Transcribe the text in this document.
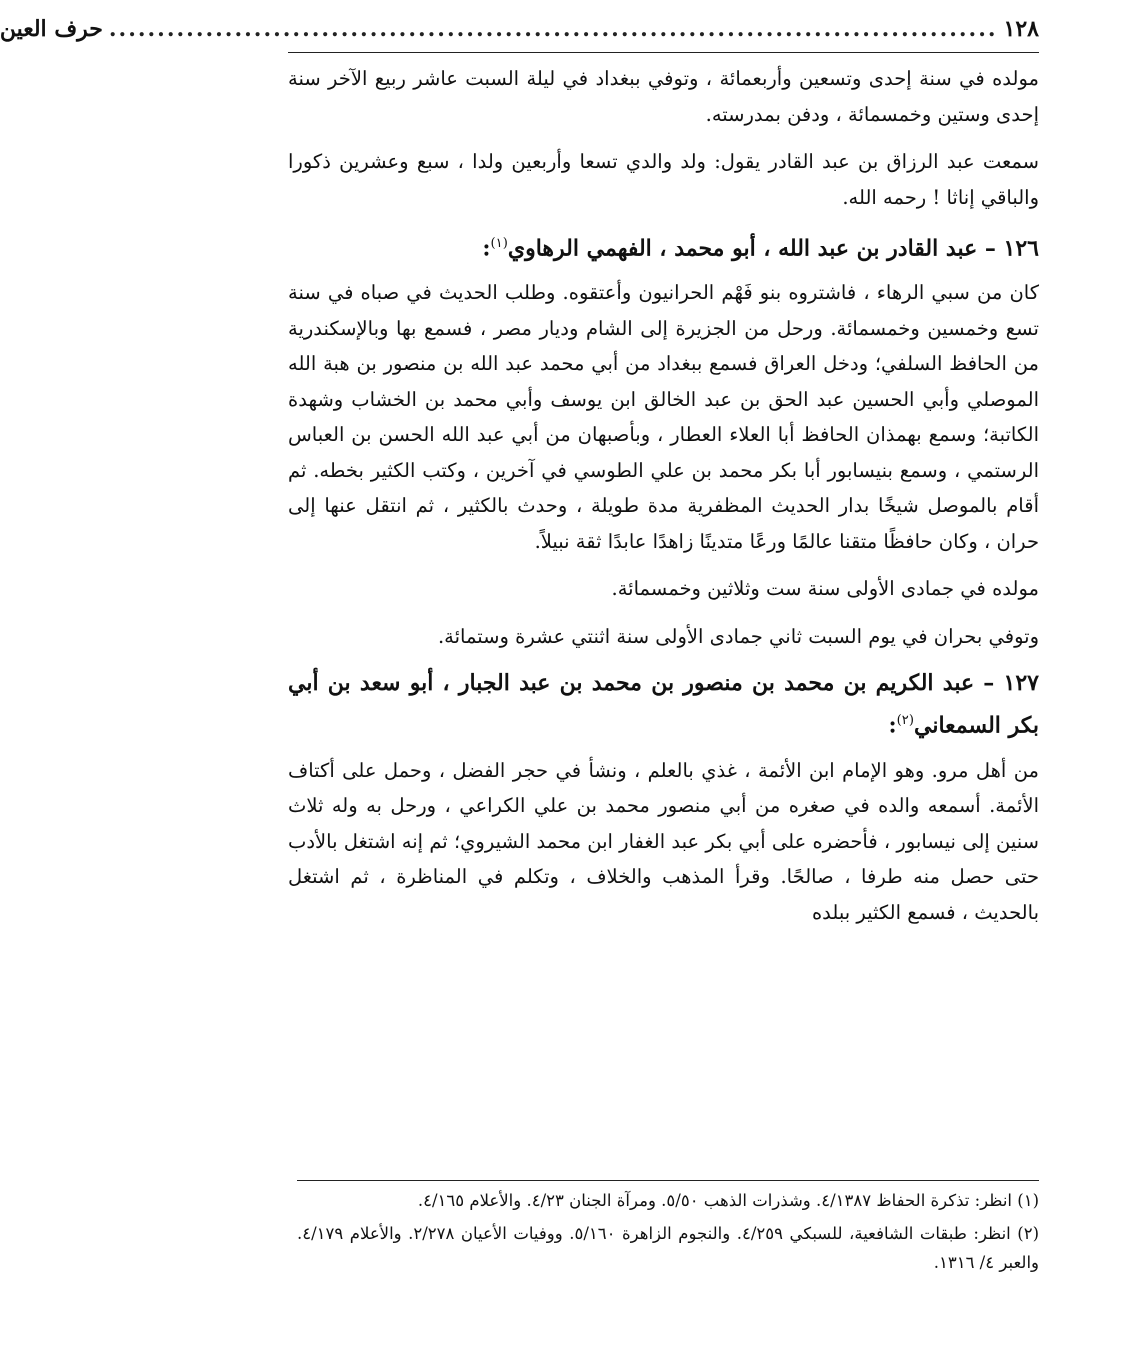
١٢٨
............................................................................................
حرف العين

مولده في سنة إحدى وتسعين وأربعمائة ، وتوفي ببغداد في ليلة السبت عاشر ربيع الآخر سنة إحدى وستين وخمسمائة ، ودفن بمدرسته.

سمعت عبد الرزاق بن عبد القادر يقول: ولد والدي تسعا وأربعين ولدا ، سبع وعشرين ذكورا والباقي إناثا ! رحمه الله.

١٢٦ – عبد القادر بن عبد الله ، أبو محمد ، الفهمي الرهاوي$^{(١)}$:

كان من سبي الرهاء ، فاشتروه بنو فَهْم الحرانيون وأعتقوه. وطلب الحديث في صباه في سنة تسع وخمسين وخمسمائة. ورحل من الجزيرة إلى الشام وديار مصر ، فسمع بها وبالإسكندرية من الحافظ السلفي؛ ودخل العراق فسمع ببغداد من أبي محمد عبد الله بن منصور بن هبة الله الموصلي وأبي الحسين عبد الحق بن عبد الخالق ابن يوسف وأبي محمد بن الخشاب وشهدة الكاتبة؛ وسمع بهمذان الحافظ أبا العلاء العطار ، وبأصبهان من أبي عبد الله الحسن بن العباس الرستمي ، وسمع بنيسابور أبا بكر محمد بن علي الطوسي في آخرين ، وكتب الكثير بخطه. ثم أقام بالموصل شيخًا بدار الحديث المظفرية مدة طويلة ، وحدث بالكثير ، ثم انتقل عنها إلى حران ، وكان حافظًا متقنا عالمًا ورعًا متدينًا زاهدًا عابدًا ثقة نبيلاً.

مولده في جمادى الأولى سنة ست وثلاثين وخمسمائة.

وتوفي بحران في يوم السبت ثاني جمادى الأولى سنة اثنتي عشرة وستمائة.

١٢٧ – عبد الكريم بن محمد بن منصور بن محمد بن عبد الجبار ، أبو سعد بن أبي بكر السمعاني$^{(٢)}$:

من أهل مرو. وهو الإمام ابن الأئمة ، غذي بالعلم ، ونشأ في حجر الفضل ، وحمل على أكتاف الأئمة. أسمعه والده في صغره من أبي منصور محمد بن علي الكراعي ، ورحل به وله ثلاث سنين إلى نيسابور ، فأحضره على أبي بكر عبد الغفار ابن محمد الشيروي؛ ثم إنه اشتغل بالأدب حتى حصل منه طرفا ، صالحًا. وقرأ المذهب والخلاف ، وتكلم في المناظرة ، ثم اشتغل بالحديث ، فسمع الكثير ببلده

(١) انظر: تذكرة الحفاظ ٤/١٣٨٧. وشذرات الذهب ٥/٥٠. ومرآة الجنان ٤/٢٣. والأعلام ٤/١٦٥.

(٢) انظر: طبقات الشافعية، للسبكي ٤/٢٥٩. والنجوم الزاهرة ٥/١٦٠. ووفيات الأعيان ٢/٢٧٨. والأعلام ٤/١٧٩. والعبر ٤/ ١٣١٦.
